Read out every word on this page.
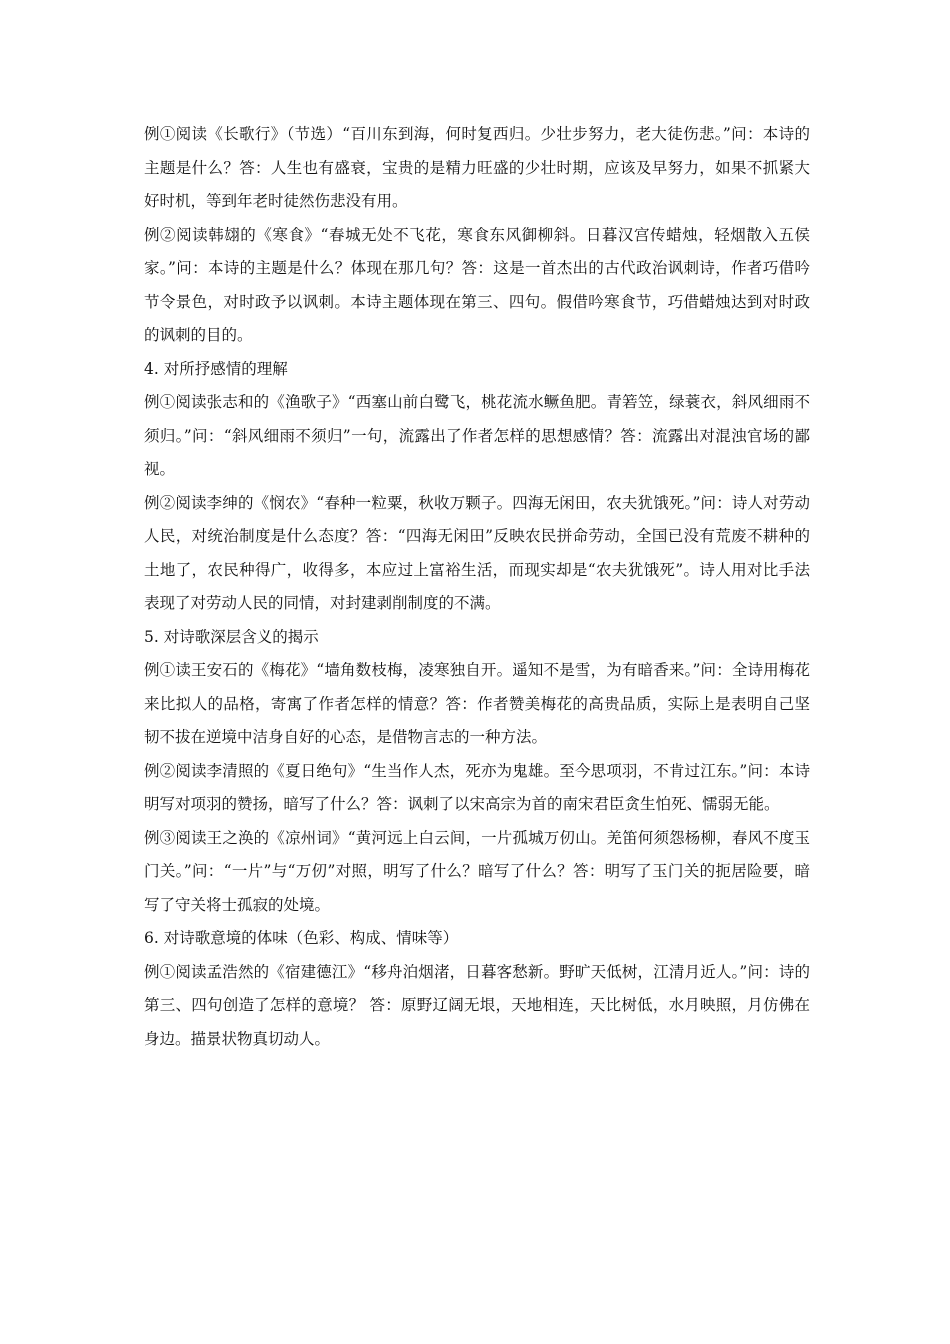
例①阅读《长歌行》（节选）“百川东到海，何时复西归。少壮步努力，老大徒伤悲。”问：本诗的主题是什么？答：人生也有盛衰，宝贵的是精力旺盛的少壮时期，应该及早努力，如果不抓紧大好时机，等到年老时徒然伤悲没有用。

例②阅读韩翃的《寒食》“春城无处不飞花，寒食东风御柳斜。日暮汉宫传蜡烛，轻烟散入五侯家。”问：本诗的主题是什么？体现在那几句？答：这是一首杰出的古代政治讽刺诗，作者巧借吟节令景色，对时政予以讽刺。本诗主题体现在第三、四句。假借吟寒食节，巧借蜡烛达到对时政的讽刺的目的。

4. 对所抒感情的理解

例①阅读张志和的《渔歌子》“西塞山前白鹭飞，桃花流水鳜鱼肥。青箬笠，绿蓑衣，斜风细雨不须归。”问：“斜风细雨不须归”一句，流露出了作者怎样的思想感情？答：流露出对混浊官场的鄙视。

例②阅读李绅的《悯农》“春种一粒粟，秋收万颗子。四海无闲田，农夫犹饿死。”问：诗人对劳动人民，对统治制度是什么态度？答：“四海无闲田”反映农民拼命劳动，全国已没有荒废不耕种的土地了，农民种得广，收得多，本应过上富裕生活，而现实却是“农夫犹饿死”。诗人用对比手法表现了对劳动人民的同情，对封建剥削制度的不满。

5. 对诗歌深层含义的揭示

例①读王安石的《梅花》“墙角数枝梅，凌寒独自开。遥知不是雪，为有暗香来。”问：全诗用梅花来比拟人的品格，寄寓了作者怎样的情意？答：作者赞美梅花的高贵品质，实际上是表明自己坚韧不拔在逆境中洁身自好的心态，是借物言志的一种方法。

例②阅读李清照的《夏日绝句》“生当作人杰，死亦为鬼雄。至今思项羽，不肯过江东。”问：本诗明写对项羽的赞扬，暗写了什么？答：讽刺了以宋高宗为首的南宋君臣贪生怕死、懦弱无能。

例③阅读王之涣的《凉州词》“黄河远上白云间，一片孤城万仞山。羌笛何须怨杨柳，春风不度玉门关。”问：“一片”与“万仞”对照，明写了什么？暗写了什么？答：明写了玉门关的扼居险要，暗写了守关将士孤寂的处境。

6. 对诗歌意境的体味（色彩、构成、情味等）

例①阅读孟浩然的《宿建德江》“移舟泊烟渚，日暮客愁新。野旷天低树，江清月近人。”问：诗的第三、四句创造了怎样的意境？ 答：原野辽阔无垠，天地相连，天比树低，水月映照，月仿佛在身边。描景状物真切动人。
